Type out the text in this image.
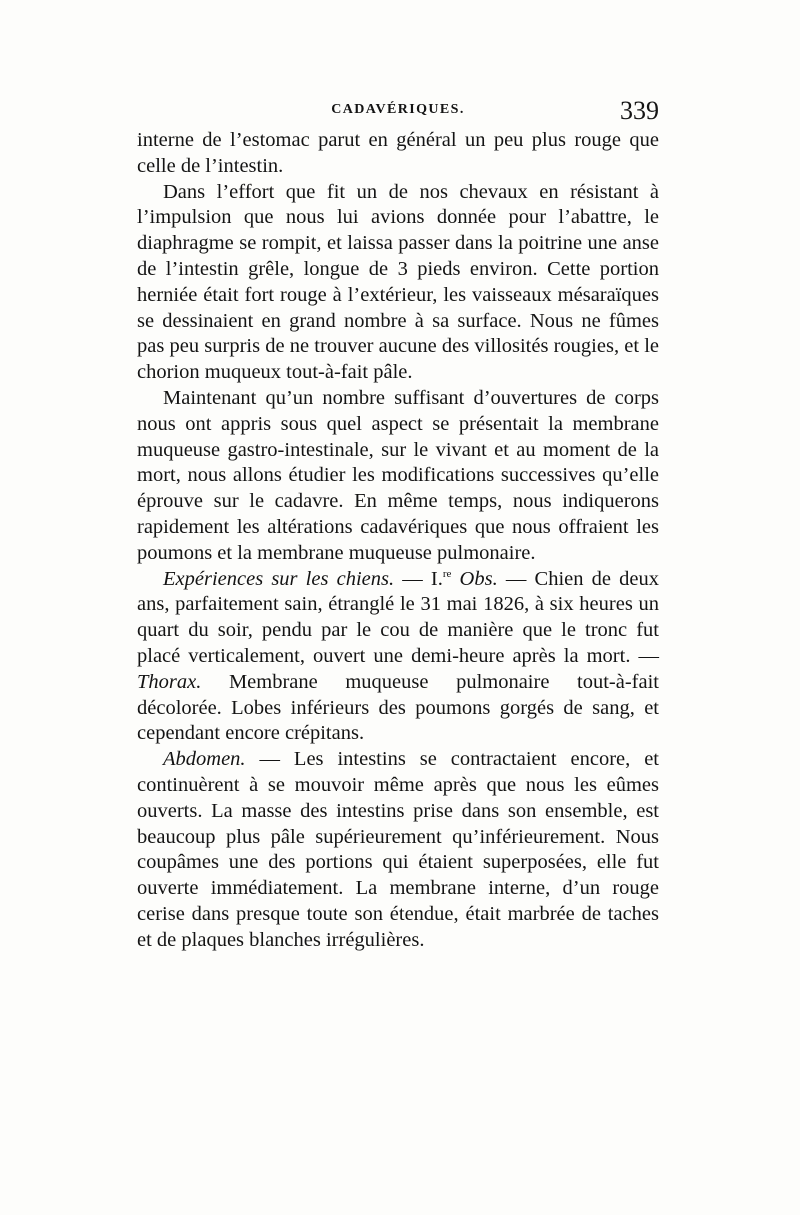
CADAVÉRIQUES.	339

interne de l’estomac parut en général un peu plus rouge que celle de l’intestin.

Dans l’effort que fit un de nos chevaux en résistant à l’impulsion que nous lui avions donnée pour l’abattre, le diaphragme se rompit, et laissa passer dans la poitrine une anse de l’intestin grêle, longue de 3 pieds environ. Cette portion herniée était fort rouge à l’extérieur, les vaisseaux mésaraïques se dessinaient en grand nombre à sa surface. Nous ne fûmes pas peu surpris de ne trouver aucune des villosités rougies, et le chorion muqueux tout-à-fait pâle.

Maintenant qu’un nombre suffisant d’ouvertures de corps nous ont appris sous quel aspect se présentait la membrane muqueuse gastro-intestinale, sur le vivant et au moment de la mort, nous allons étudier les modifications successives qu’elle éprouve sur le cadavre. En même temps, nous indiquerons rapidement les altérations cadavériques que nous offraient les poumons et la membrane muqueuse pulmonaire.

Expériences sur les chiens. — I.$^{re}$ Obs. — Chien de deux ans, parfaitement sain, étranglé le 31 mai 1826, à six heures un quart du soir, pendu par le cou de manière que le tronc fut placé verticalement, ouvert une demi-heure après la mort. — Thorax. Membrane muqueuse pulmonaire tout-à-fait décolorée. Lobes inférieurs des poumons gorgés de sang, et cependant encore crépitans.

Abdomen. — Les intestins se contractaient encore, et continuèrent à se mouvoir même après que nous les eûmes ouverts. La masse des intestins prise dans son ensemble, est beaucoup plus pâle supérieurement qu’inférieurement. Nous coupâmes une des portions qui étaient superposées, elle fut ouverte immédiatement. La membrane interne, d’un rouge cerise dans presque toute son étendue, était marbrée de taches et de plaques blanches irrégulières.
